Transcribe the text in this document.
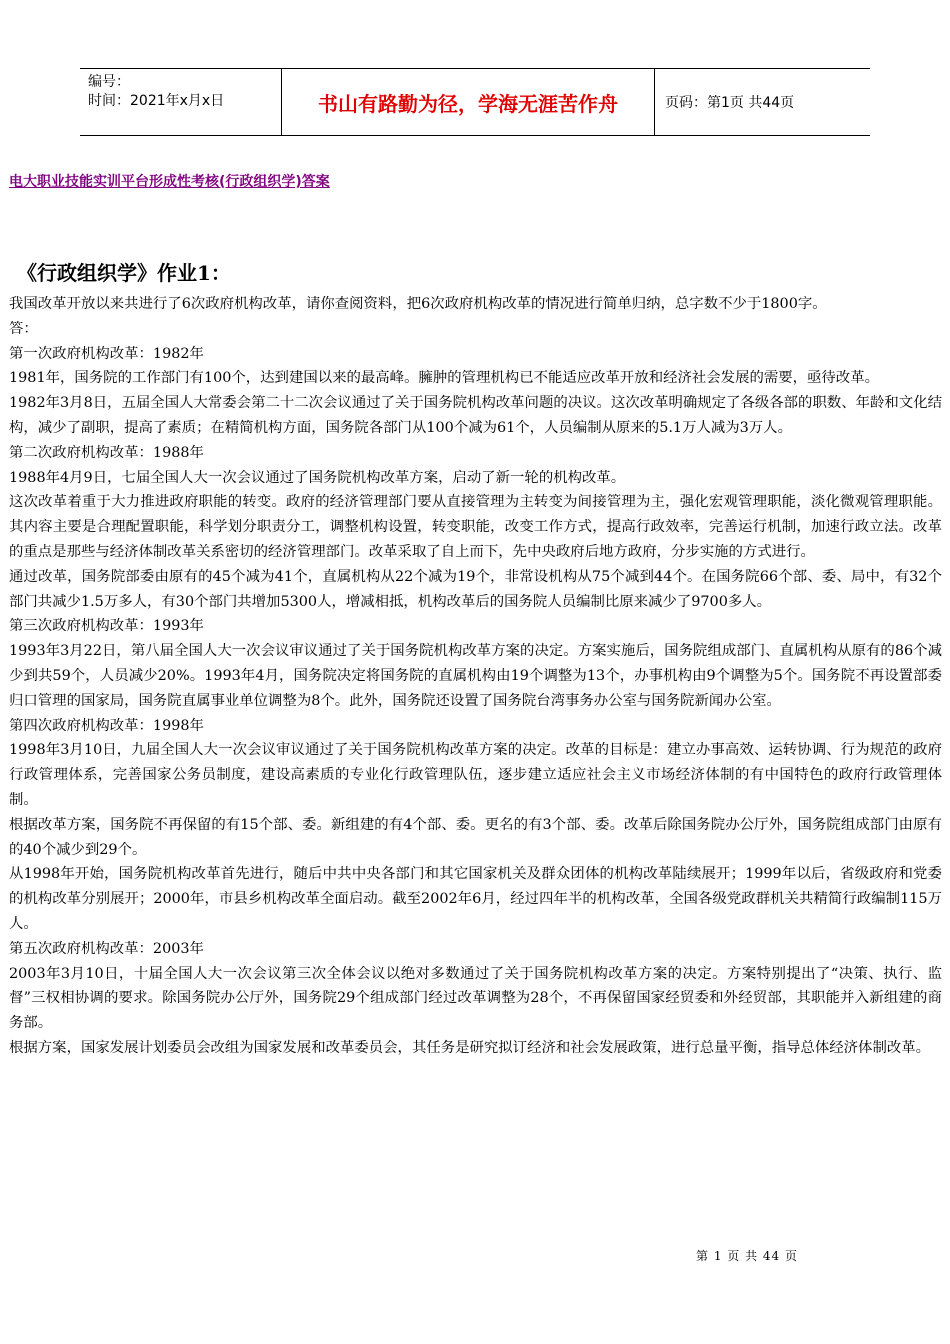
编号：
时间：2021年x月x日	书山有路勤为径，学海无涯苦作舟	页码：第1页 共44页
电大职业技能实训平台形成性考核(行政组织学)答案
《行政组织学》作业1：

我国改革开放以来共进行了6次政府机构改革，请你查阅资料，把6次政府机构改革的情况进行简单归纳，总字数不少于1800字。

答：

第一次政府机构改革：1982年

1981年，国务院的工作部门有100个，达到建国以来的最高峰。臃肿的管理机构已不能适应改革开放和经济社会发展的需要，亟待改革。

1982年3月8日，五届全国人大常委会第二十二次会议通过了关于国务院机构改革问题的决议。这次改革明确规定了各级各部的职数、年龄和文化结构，减少了副职，提高了素质；在精简机构方面，国务院各部门从100个减为61个，人员编制从原来的5.1万人减为3万人。

第二次政府机构改革：1988年

1988年4月9日，七届全国人大一次会议通过了国务院机构改革方案，启动了新一轮的机构改革。

这次改革着重于大力推进政府职能的转变。政府的经济管理部门要从直接管理为主转变为间接管理为主，强化宏观管理职能，淡化微观管理职能。其内容主要是合理配置职能，科学划分职责分工，调整机构设置，转变职能，改变工作方式，提高行政效率，完善运行机制，加速行政立法。改革的重点是那些与经济体制改革关系密切的经济管理部门。改革采取了自上而下，先中央政府后地方政府，分步实施的方式进行。

通过改革，国务院部委由原有的45个减为41个，直属机构从22个减为19个，非常设机构从75个减到44个。在国务院66个部、委、局中，有32个部门共减少1.5万多人，有30个部门共增加5300人，增减相抵，机构改革后的国务院人员编制比原来减少了9700多人。

第三次政府机构改革：1993年

1993年3月22日，第八届全国人大一次会议审议通过了关于国务院机构改革方案的决定。方案实施后，国务院组成部门、直属机构从原有的86个减少到共59个，人员减少20%。1993年4月，国务院决定将国务院的直属机构由19个调整为13个，办事机构由9个调整为5个。国务院不再设置部委归口管理的国家局，国务院直属事业单位调整为8个。此外，国务院还设置了国务院台湾事务办公室与国务院新闻办公室。

第四次政府机构改革：1998年

1998年3月10日，九届全国人大一次会议审议通过了关于国务院机构改革方案的决定。改革的目标是：建立办事高效、运转协调、行为规范的政府行政管理体系，完善国家公务员制度，建设高素质的专业化行政管理队伍，逐步建立适应社会主义市场经济体制的有中国特色的政府行政管理体制。

根据改革方案，国务院不再保留的有15个部、委。新组建的有4个部、委。更名的有3个部、委。改革后除国务院办公厅外，国务院组成部门由原有的40个减少到29个。

从1998年开始，国务院机构改革首先进行，随后中共中央各部门和其它国家机关及群众团体的机构改革陆续展开；1999年以后，省级政府和党委的机构改革分别展开；2000年，市县乡机构改革全面启动。截至2002年6月，经过四年半的机构改革，全国各级党政群机关共精简行政编制115万人。

第五次政府机构改革：2003年

2003年3月10日，十届全国人大一次会议第三次全体会议以绝对多数通过了关于国务院机构改革方案的决定。方案特别提出了“决策、执行、监督”三权相协调的要求。除国务院办公厅外，国务院29个组成部门经过改革调整为28个，不再保留国家经贸委和外经贸部，其职能并入新组建的商务部。

根据方案，国家发展计划委员会改组为国家发展和改革委员会，其任务是研究拟订经济和社会发展政策，进行总量平衡，指导总体经济体制改革。

第 1 页 共 44 页
